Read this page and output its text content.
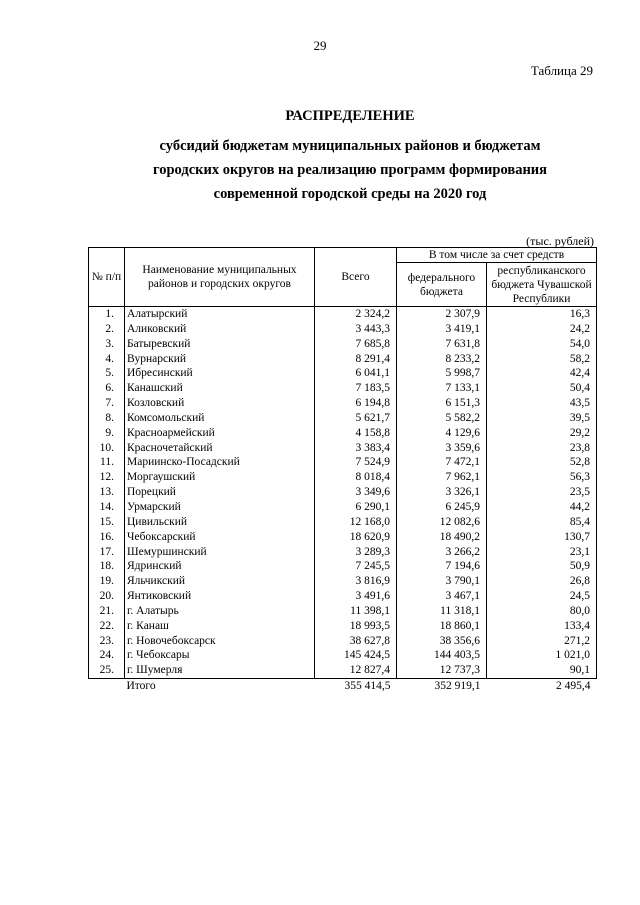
29
Таблица 29
РАСПРЕДЕЛЕНИЕ
субсидий бюджетам муниципальных районов и бюджетам
городских округов на реализацию программ формирования
современной городской среды на 2020 год
(тыс. рублей)
№ п/п	Наименование муниципальных районов и городских округов	Всего	В том числе за счет средств	
			федерального бюджета	республиканского бюджета Чувашской Республики
1.	Алатырский	2 324,2	2 307,9	16,3
2.	Аликовский	3 443,3	3 419,1	24,2
3.	Батыревский	7 685,8	7 631,8	54,0
4.	Вурнарский	8 291,4	8 233,2	58,2
5.	Ибресинский	6 041,1	5 998,7	42,4
6.	Канашский	7 183,5	7 133,1	50,4
7.	Козловский	6 194,8	6 151,3	43,5
8.	Комсомольский	5 621,7	5 582,2	39,5
9.	Красноармейский	4 158,8	4 129,6	29,2
10.	Красночетайский	3 383,4	3 359,6	23,8
11.	Мариинско-Посадский	7 524,9	7 472,1	52,8
12.	Моргаушский	8 018,4	7 962,1	56,3
13.	Порецкий	3 349,6	3 326,1	23,5
14.	Урмарский	6 290,1	6 245,9	44,2
15.	Цивильский	12 168,0	12 082,6	85,4
16.	Чебоксарский	18 620,9	18 490,2	130,7
17.	Шемуршинский	3 289,3	3 266,2	23,1
18.	Ядринский	7 245,5	7 194,6	50,9
19.	Яльчикский	3 816,9	3 790,1	26,8
20.	Янтиковский	3 491,6	3 467,1	24,5
21.	г. Алатырь	11 398,1	11 318,1	80,0
22.	г. Канаш	18 993,5	18 860,1	133,4
23.	г. Новочебоксарск	38 627,8	38 356,6	271,2
24.	г. Чебоксары	145 424,5	144 403,5	1 021,0
25.	г. Шумерля	12 827,4	12 737,3	90,1
	Итого	355 414,5	352 919,1	2 495,4
